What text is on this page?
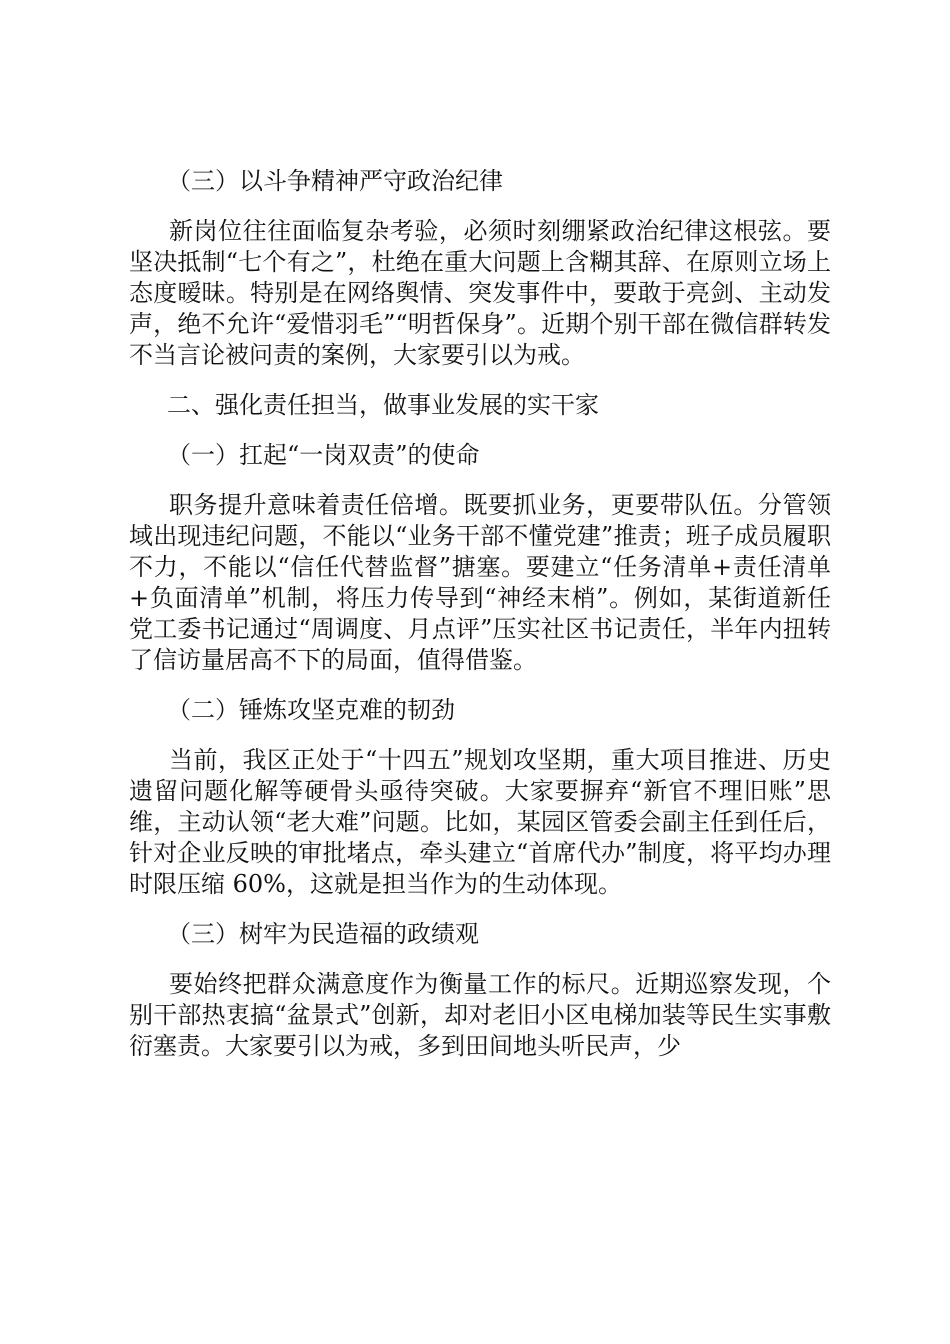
（三）以斗争精神严守政治纪律

新岗位往往面临复杂考验，必须时刻绷紧政治纪律这根弦。要坚决抵制“七个有之”，杜绝在重大问题上含糊其辞、在原则立场上态度暧昧。特别是在网络舆情、突发事件中，要敢于亮剑、主动发声，绝不允许“爱惜羽毛”“明哲保身”。近期个别干部在微信群转发不当言论被问责的案例，大家要引以为戒。

二、强化责任担当，做事业发展的实干家

（一）扛起“一岗双责”的使命

职务提升意味着责任倍增。既要抓业务，更要带队伍。分管领域出现违纪问题，不能以“业务干部不懂党建”推责；班子成员履职不力，不能以“信任代替监督”搪塞。要建立“任务清单+责任清单+负面清单”机制，将压力传导到“神经末梢”。例如，某街道新任党工委书记通过“周调度、月点评”压实社区书记责任，半年内扭转了信访量居高不下的局面，值得借鉴。

（二）锤炼攻坚克难的韧劲

当前，我区正处于“十四五”规划攻坚期，重大项目推进、历史遗留问题化解等硬骨头亟待突破。大家要摒弃“新官不理旧账”思维，主动认领“老大难”问题。比如，某园区管委会副主任到任后，针对企业反映的审批堵点，牵头建立“首席代办”制度，将平均办理时限压缩 60%，这就是担当作为的生动体现。

（三）树牢为民造福的政绩观

要始终把群众满意度作为衡量工作的标尺。近期巡察发现，个别干部热衷搞“盆景式”创新，却对老旧小区电梯加装等民生实事敷衍塞责。大家要引以为戒，多到田间地头听民声，少
